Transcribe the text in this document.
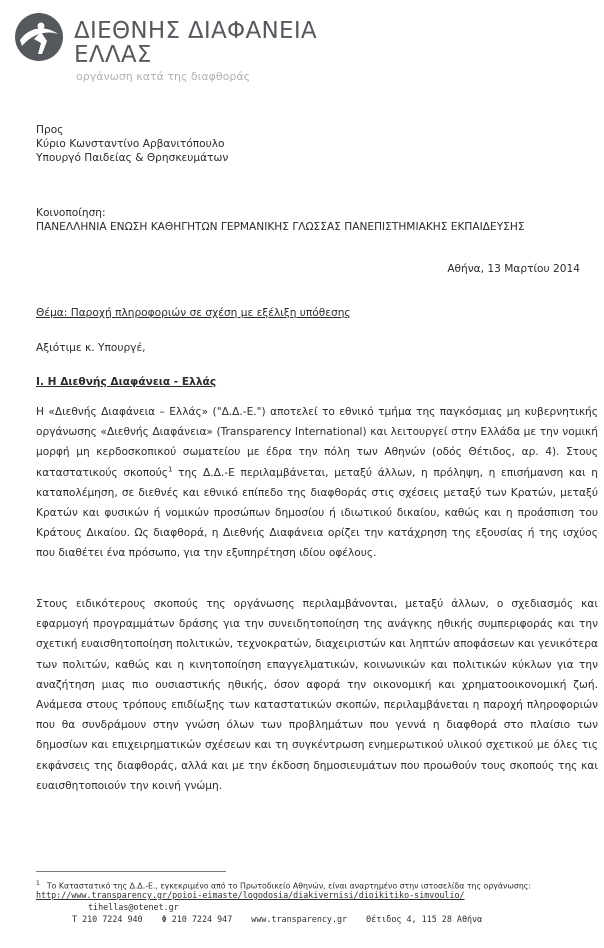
ΔΙΕΘΝΗΣ ΔΙΑΦΑΝΕΙΑ
ΕΛΛΑΣ
οργάνωση κατά της διαφθοράς
Προς
Κύριο Κωνσταντίνο Αρβανιτόπουλο
Υπουργό Παιδείας & Θρησκευμάτων
Κοινοποίηση:
ΠΑΝΕΛΛΗΝΙΑ ΕΝΩΣΗ ΚΑΘΗΓΗΤΩΝ ΓΕΡΜΑΝΙΚΗΣ ΓΛΩΣΣΑΣ ΠΑΝΕΠΙΣΤΗΜΙΑΚΗΣ ΕΚΠΑΙΔΕΥΣΗΣ
Αθήνα, 13 Μαρτίου 2014
Θέμα: Παροχή πληροφοριών σε σχέση με εξέλιξη υπόθεσης
Αξιότιμε κ. Υπουργέ,
Ι. Η Διεθνής Διαφάνεια - Ελλάς
Η «Διεθνής Διαφάνεια – Ελλάς» ("Δ.Δ.-Ε.") αποτελεί το εθνικό τμήμα της παγκόσμιας μη κυβερνητικής οργάνωσης «Διεθνής Διαφάνεια» (Transparency International) και λειτουργεί στην Ελλάδα με την νομική μορφή μη κερδοσκοπικού σωματείου με έδρα την πόλη των Αθηνών (οδός Θέτιδος, αρ. 4). Στους καταστατικούς σκοπούς$^1$ της Δ.Δ.-Ε περιλαμβάνεται, μεταξύ άλλων, η πρόληψη, η επισήμανση και η καταπολέμηση, σε διεθνές και εθνικό επίπεδο της διαφθοράς στις σχέσεις μεταξύ των Κρατών, μεταξύ Κρατών και φυσικών ή νομικών προσώπων δημοσίου ή ιδιωτικού δικαίου, καθώς και η προάσπιση του Κράτους Δικαίου. Ως διαφθορά, η Διεθνής Διαφάνεια ορίζει την κατάχρηση της εξουσίας ή της ισχύος που διαθέτει ένα πρόσωπο, για την εξυπηρέτηση ιδίου οφέλους.
Στους ειδικότερους σκοπούς της οργάνωσης περιλαμβάνονται, μεταξύ άλλων, ο σχεδιασμός και εφαρμογή προγραμμάτων δράσης για την συνειδητοποίηση της ανάγκης ηθικής συμπεριφοράς και την σχετική ευαισθητοποίηση πολιτικών, τεχνοκρατών, διαχειριστών και ληπτών αποφάσεων και γενικότερα των πολιτών, καθώς και η κινητοποίηση επαγγελματικών, κοινωνικών και πολιτικών κύκλων για την αναζήτηση μιας πιο ουσιαστικής ηθικής, όσον αφορά την οικονομική και χρηματοοικονομική ζωή. Ανάμεσα στους τρόπους επιδίωξης των καταστατικών σκοπών, περιλαμβάνεται η παροχή πληροφοριών που θα συνδράμουν στην γνώση όλων των προβλημάτων που γεννά η διαφθορά στο πλαίσιο των δημοσίων και επιχειρηματικών σχέσεων και τη συγκέντρωση ενημερωτικού υλικού σχετικού με όλες τις εκφάνσεις της διαφθοράς, αλλά και με την έκδοση δημοσιευμάτων που προωθούν τους σκοπούς της και ευαισθητοποιούν την κοινή γνώμη.
$^1$ Το Καταστατικό της Δ.Δ.-Ε., εγκεκριμένο από το Πρωτοδικείο Αθηνών, είναι αναρτημένο στην ιστοσελίδα της οργάνωσης:
http://www.transparency.gr/poioi-eimaste/logodosia/diakivernisi/dioikitiko-simvoulio/
tihellas@otenet.gr
T 210 7224 940 Φ 210 7224 947 www.transparency.gr Θέτιδος 4, 115 28 Αθήνα
